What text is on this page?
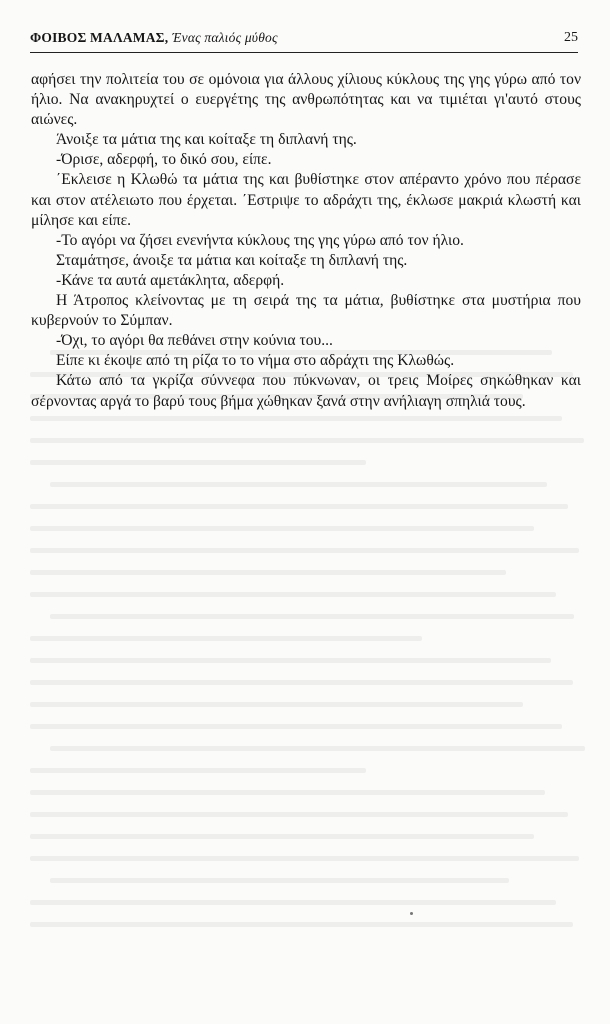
ΦΟΙΒΟΣ ΜΑΛΑΜΑΣ, Ένας παλιός μύθος	25

αφήσει την πολιτεία του σε ομόνοια για άλλους χίλιους κύκλους της γης γύρω από τον ήλιο. Να ανακηρυχτεί ο ευεργέτης της ανθρωπότητας και να τιμιέται γι'αυτό στους αιώνες.

Άνοιξε τα μάτια της και κοίταξε τη διπλανή της.

-Όρισε, αδερφή, το δικό σου, είπε.

΄Εκλεισε η Κλωθώ τα μάτια της και βυθίστηκε στον απέραντο χρόνο που πέρασε και στον ατέλειωτο που έρχεται. ΄Εστριψε το αδράχτι της, έκλωσε μακριά κλωστή και μίλησε και είπε.

-Το αγόρι να ζήσει ενενήντα κύκλους της γης γύρω από τον ήλιο.

Σταμάτησε, άνοιξε τα μάτια και κοίταξε τη διπλανή της.

-Κάνε τα αυτά αμετάκλητα, αδερφή.

Η Άτροπος κλείνοντας με τη σειρά της τα μάτια, βυθίστηκε στα μυστήρια που κυβερνούν το Σύμπαν.

-Όχι, το αγόρι θα πεθάνει στην κούνια του...

Είπε κι έκοψε από τη ρίζα το το νήμα στο αδράχτι της Κλωθώς.

Κάτω από τα γκρίζα σύννεφα που πύκνωναν, οι τρεις Μοίρες σηκώθηκαν και σέρνοντας αργά το βαρύ τους βήμα χώθηκαν ξανά στην ανήλιαγη σπηλιά τους.
